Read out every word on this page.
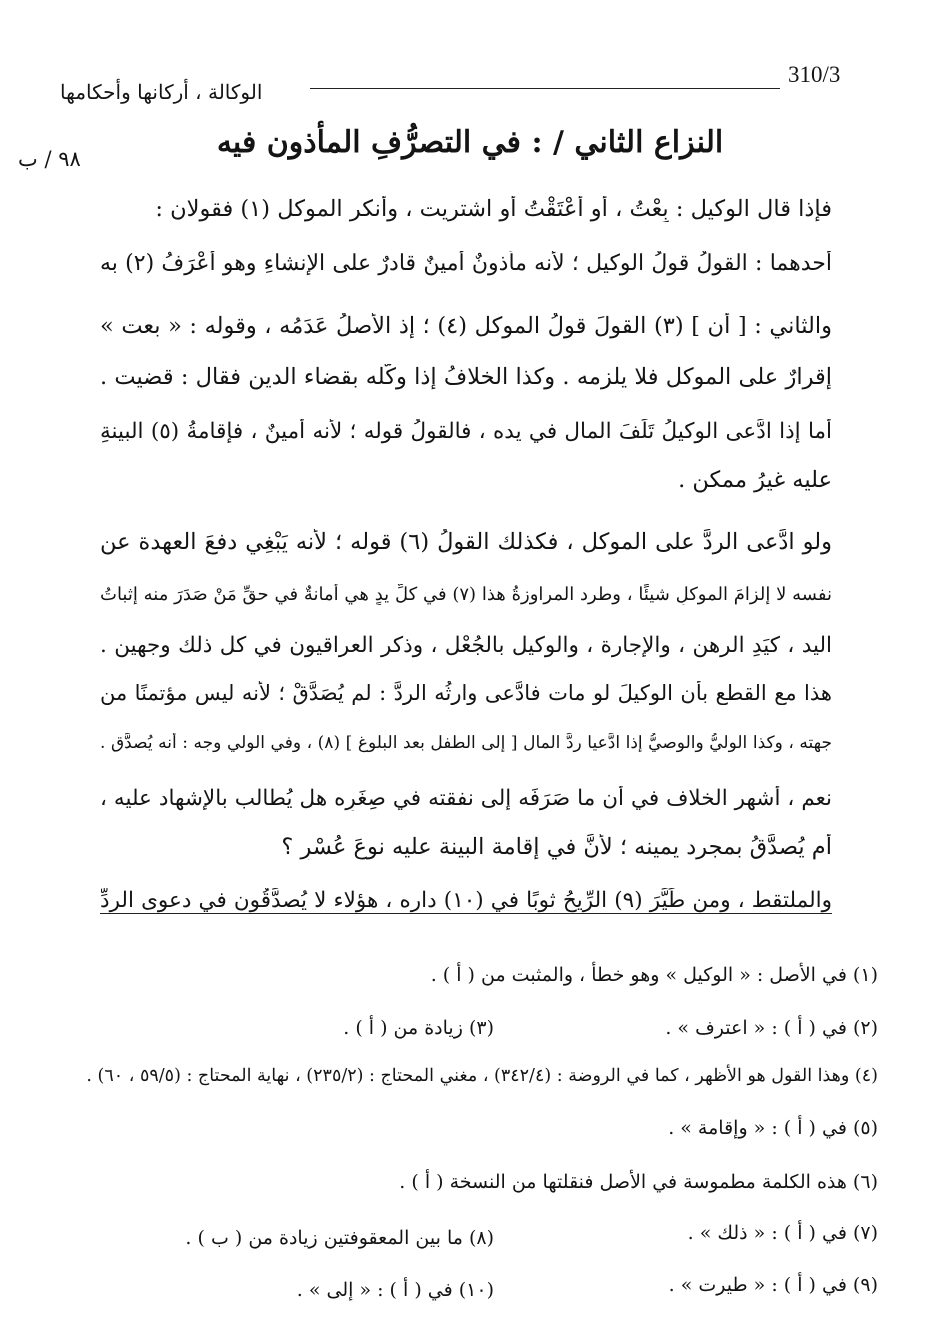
310/3
الوكالة ، أركانها وأحكامها
٩٨ / ب	النزاع الثاني / : في التصرُّفِ المأذون فيه
فإذا قال الوكيل : بِعْتُ ، أو أعْتَقْتُ أو اشتريت ، وأنكر الموكل (١) فقولان :
أحدهما : القولُ قولُ الوكيل ؛ لأنه مأذونٌ أمينٌ قادرٌ على الإنشاءِ وهو أعْرَفُ (٢) به
والثاني : [ أن ] (٣) القولَ قولُ الموكل (٤) ؛ إذ الأصلُ عَدَمُه ، وقوله : « بعت »
إقرارٌ على الموكل فلا يلزمه . وكذا الخلافُ إذا وكَّله بقضاء الدين فقال : قضيت .
أما إذا ادَّعى الوكيلُ تَلَفَ المال في يده ، فالقولُ قوله ؛ لأنه أمينٌ ، فإقامةُ (٥) البينةِ
عليه غيرُ ممكن .
ولو ادَّعى الردَّ على الموكل ، فكذلك القولُ (٦) قوله ؛ لأنه يَبْغِي دفعَ العهدة عن
نفسه لا إلزامَ الموكلِ شيئًا ، وطرد المراوزةُ هذا (٧) في كلِّ يدٍ هي أمانةٌ في حقِّ مَنْ صَدَرَ منه إثباتُ
اليد ، كيَدِ الرهن ، والإجارة ، والوكيل بالجُعْل ، وذكر العراقيون في كل ذلك وجهين .
هذا مع القطع بأن الوكيلَ لو مات فادَّعى وارثُه الردَّ : لم يُصَدَّقْ ؛ لأنه ليس مؤتمنًا من
جهته ، وكذا الوليُّ والوصيُّ إذا ادَّعيا ردَّ المال [ إلى الطفل بعد البلوغ ] (٨) ، وفي الولي وجه : أنه يُصدَّق .
نعم ، أشهر الخلاف في أن ما صَرَفَه إلى نفقته في صِغَرِه هل يُطالب بالإشهاد عليه ،
أم يُصدَّقُ بمجرد يمينه ؛ لأنَّ في إقامة البينة عليه نوعَ عُسْرٍ ؟
والملتقط ، ومن طَيَّرَ (٩) الرِّيحُ ثوبًا في (١٠) داره ، هؤلاء لا يُصدَّقُون في دعوى الردِّ
(١) في الأصل : « الوكيل » وهو خطأ ، والمثبت من ( أ ) .
(٢) في ( أ ) : « اعترف » .
(٣) زيادة من ( أ ) .
(٤) وهذا القول هو الأظهر ، كما في الروضة : (٣٤٢/٤) ، مغني المحتاج : (٢٣٥/٢) ، نهاية المحتاج : (٥٩/٥ ، ٦٠) .
(٥) في ( أ ) : « وإقامة » .
(٦) هذه الكلمة مطموسة في الأصل فنقلتها من النسخة ( أ ) .
(٧) في ( أ ) : « ذلك » .
(٨) ما بين المعقوفتين زيادة من ( ب ) .
(٩) في ( أ ) : « طيرت » .
(١٠) في ( أ ) : « إلى » .
